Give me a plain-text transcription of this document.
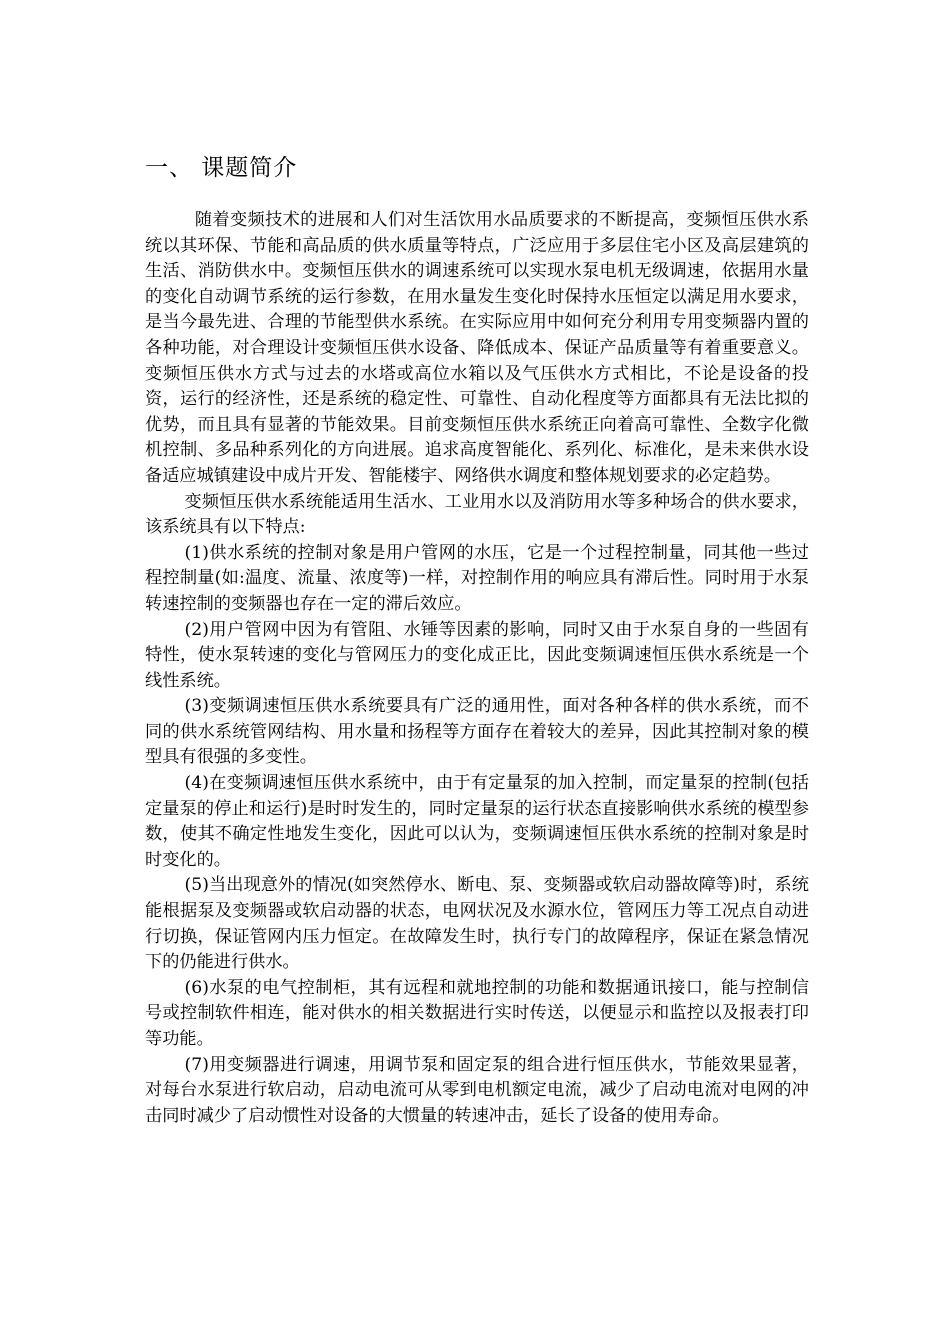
一、 课题简介

随着变频技术的进展和人们对生活饮用水品质要求的不断提高，变频恒压供水系统以其环保、节能和高品质的供水质量等特点，广泛应用于多层住宅小区及高层建筑的生活、消防供水中。变频恒压供水的调速系统可以实现水泵电机无级调速，依据用水量的变化自动调节系统的运行参数，在用水量发生变化时保持水压恒定以满足用水要求，是当今最先进、合理的节能型供水系统。在实际应用中如何充分利用专用变频器内置的各种功能，对合理设计变频恒压供水设备、降低成本、保证产品质量等有着重要意义。变频恒压供水方式与过去的水塔或高位水箱以及气压供水方式相比，不论是设备的投资，运行的经济性，还是系统的稳定性、可靠性、自动化程度等方面都具有无法比拟的优势，而且具有显著的节能效果。目前变频恒压供水系统正向着高可靠性、全数字化微机控制、多品种系列化的方向进展。追求高度智能化、系列化、标准化，是未来供水设备适应城镇建设中成片开发、智能楼宇、网络供水调度和整体规划要求的必定趋势。

变频恒压供水系统能适用生活水、工业用水以及消防用水等多种场合的供水要求，该系统具有以下特点:

(1)供水系统的控制对象是用户管网的水压，它是一个过程控制量，同其他一些过程控制量(如:温度、流量、浓度等)一样，对控制作用的响应具有滞后性。同时用于水泵转速控制的变频器也存在一定的滞后效应。

(2)用户管网中因为有管阻、水锤等因素的影响，同时又由于水泵自身的一些固有特性，使水泵转速的变化与管网压力的变化成正比，因此变频调速恒压供水系统是一个线性系统。

(3)变频调速恒压供水系统要具有广泛的通用性，面对各种各样的供水系统，而不同的供水系统管网结构、用水量和扬程等方面存在着较大的差异，因此其控制对象的模型具有很强的多变性。

(4)在变频调速恒压供水系统中，由于有定量泵的加入控制，而定量泵的控制(包括定量泵的停止和运行)是时时发生的，同时定量泵的运行状态直接影响供水系统的模型参数，使其不确定性地发生变化，因此可以认为，变频调速恒压供水系统的控制对象是时时变化的。

(5)当出现意外的情况(如突然停水、断电、泵、变频器或软启动器故障等)时，系统能根据泵及变频器或软启动器的状态，电网状况及水源水位，管网压力等工况点自动进行切换，保证管网内压力恒定。在故障发生时，执行专门的故障程序，保证在紧急情况下的仍能进行供水。

(6)水泵的电气控制柜，其有远程和就地控制的功能和数据通讯接口，能与控制信号或控制软件相连，能对供水的相关数据进行实时传送，以便显示和监控以及报表打印等功能。

(7)用变频器进行调速，用调节泵和固定泵的组合进行恒压供水，节能效果显著，对每台水泵进行软启动，启动电流可从零到电机额定电流，减少了启动电流对电网的冲击同时减少了启动惯性对设备的大惯量的转速冲击，延长了设备的使用寿命。
